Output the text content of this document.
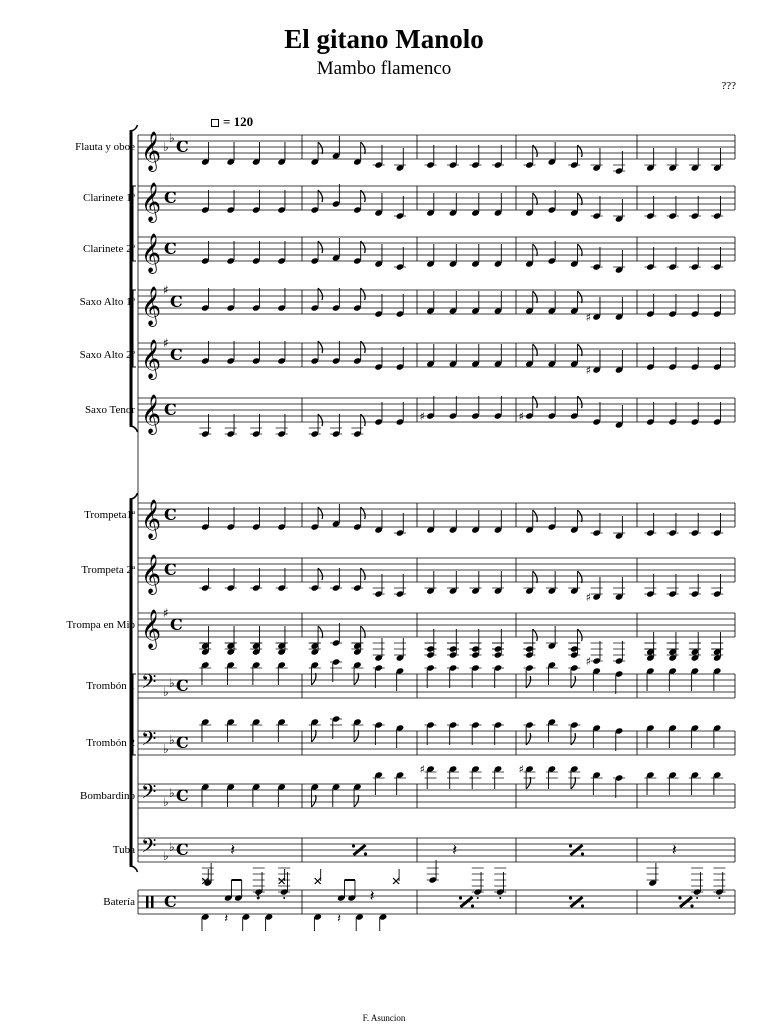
El gitano Manolo
Mambo flamenco
???
= 120
Flauta y oboe
Clarinete 1º
Clarinete 2º
Saxo Alto 1º
Saxo Alto 2º
Saxo Tenor
Trompeta1ª
Trompeta 2ª
Trompa en Mib
Trombón 1
Trombón 2
Bombardino
Tuba
Batería
𝄞 ♭
♭ C
𝄞 C
𝄞 C
𝄞 ♯
C
♯
𝄞 ♯
C
♯
𝄞 C	♯	♯
𝄞 C
𝄞 C
♯
𝄞 ♯
C
♯
𝄢 ♭
♭ C
𝄢 ♭
♭ C
𝄢 ♭
♭ C
♯	♯
𝄢 ♭
♭ C	𝄽	𝄽	𝄽
C	𝄽
𝄽
𝄽
𝄽
F. Asuncion
